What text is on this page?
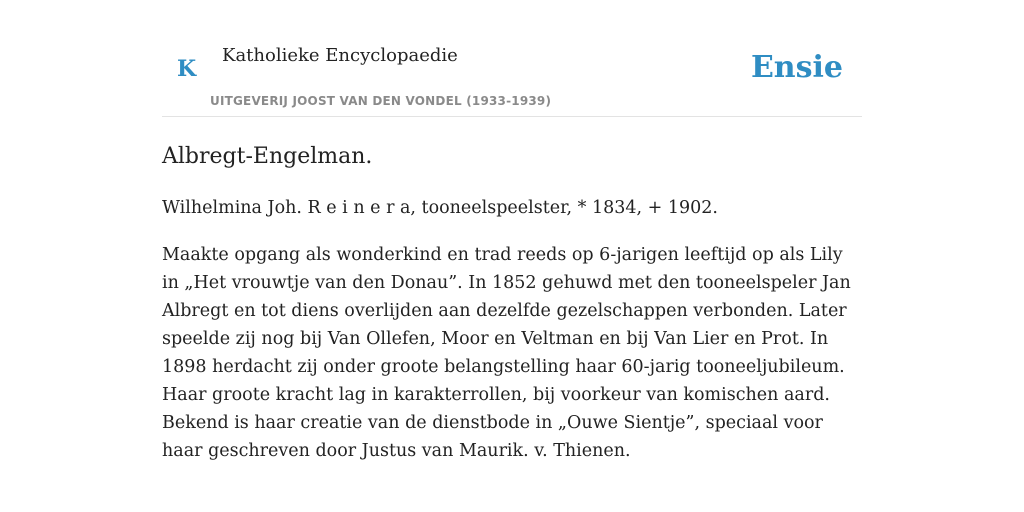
K
Katholieke Encyclopaedie
UITGEVERIJ JOOST VAN DEN VONDEL (1933-1939)
Ensie
Albregt-Engelman.

Wilhelmina Joh. R e i n e r a, tooneelspeelster, * 1834, + 1902.

Maakte opgang als wonderkind en trad reeds op 6-jarigen leeftijd op als Lily in „Het vrouwtje van den Donau”. In 1852 gehuwd met den tooneelspeler Jan Albregt en tot diens overlijden aan dezelfde gezelschappen verbonden. Later speelde zij nog bij Van Ollefen, Moor en Veltman en bij Van Lier en Prot. In 1898 herdacht zij onder groote belangstelling haar 60-jarig tooneeljubileum. Haar groote kracht lag in karakterrollen, bij voorkeur van komischen aard. Bekend is haar creatie van de dienstbode in „Ouwe Sientje”, speciaal voor haar geschreven door Justus van Maurik. v. Thienen.
